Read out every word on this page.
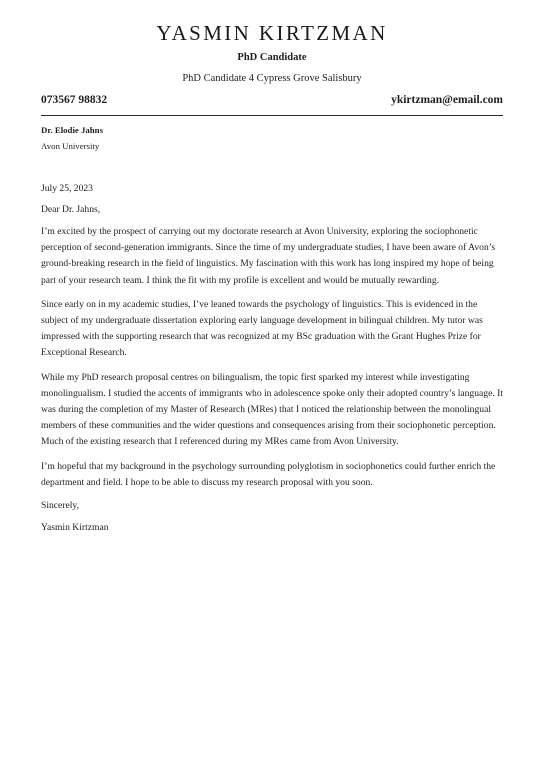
YASMIN KIRTZMAN
PhD Candidate
PhD Candidate 4 Cypress Grove Salisbury
073567 98832	ykirtzman@email.com
Dr. Elodie Jahns
Avon University
July 25, 2023
Dear Dr. Jahns,
I’m excited by the prospect of carrying out my doctorate research at Avon University, exploring the sociophonetic perception of second-generation immigrants. Since the time of my undergraduate studies, I have been aware of Avon’s ground-breaking research in the field of linguistics. My fascination with this work has long inspired my hope of being part of your research team. I think the fit with my profile is excellent and would be mutually rewarding.
Since early on in my academic studies, I’ve leaned towards the psychology of linguistics. This is evidenced in the subject of my undergraduate dissertation exploring early language development in bilingual children. My tutor was impressed with the supporting research that was recognized at my BSc graduation with the Grant Hughes Prize for Exceptional Research.
While my PhD research proposal centres on bilingualism, the topic first sparked my interest while investigating monolingualism. I studied the accents of immigrants who in adolescence spoke only their adopted country’s language. It was during the completion of my Master of Research (MRes) that I noticed the relationship between the monolingual members of these communities and the wider questions and consequences arising from their sociophonetic perception. Much of the existing research that I referenced during my MRes came from Avon University.
I’m hopeful that my background in the psychology surrounding polyglotism in sociophonetics could further enrich the department and field. I hope to be able to discuss my research proposal with you soon.
Sincerely,
Yasmin Kirtzman
